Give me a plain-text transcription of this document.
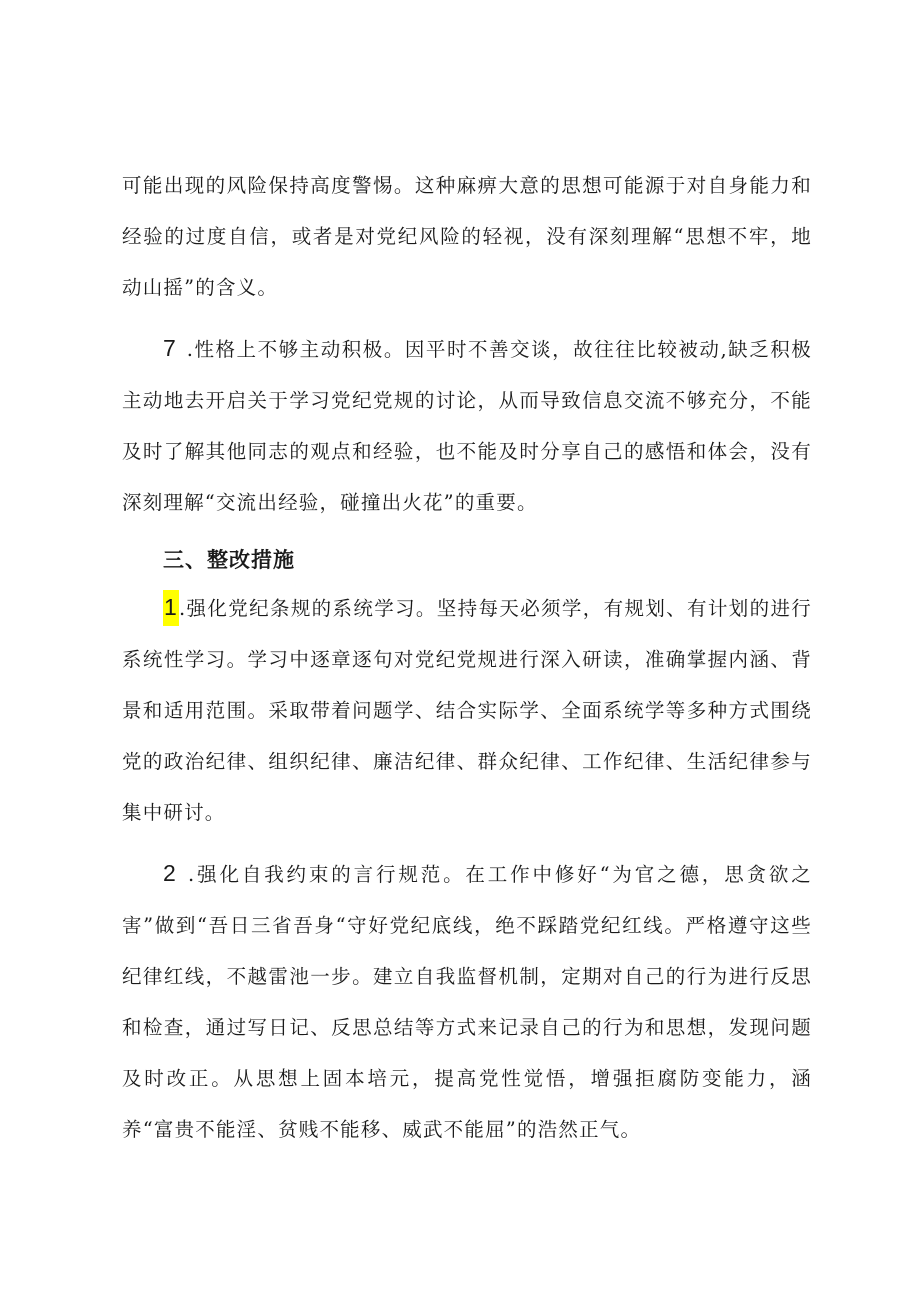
可能出现的风险保持高度警惕。这种麻痹大意的思想可能源于对自身能力和经验的过度自信，或者是对党纪风险的轻视，没有深刻理解“思想不牢，地动山摇”的含义。

7 .性格上不够主动积极。因平时不善交谈，故往往比较被动,缺乏积极主动地去开启关于学习党纪党规的讨论，从而导致信息交流不够充分，不能及时了解其他同志的观点和经验，也不能及时分享自己的感悟和体会，没有深刻理解“交流出经验，碰撞出火花”的重要。

三、整改措施

1.强化党纪条规的系统学习。坚持每天必须学，有规划、有计划的进行系统性学习。学习中逐章逐句对党纪党规进行深入研读，准确掌握内涵、背景和适用范围。采取带着问题学、结合实际学、全面系统学等多种方式围绕党的政治纪律、组织纪律、廉洁纪律、群众纪律、工作纪律、生活纪律参与集中研讨。

2 .强化自我约束的言行规范。在工作中修好“为官之德，思贪欲之害”做到“吾日三省吾身“守好党纪底线，绝不踩踏党纪红线。严格遵守这些纪律红线，不越雷池一步。建立自我监督机制，定期对自己的行为进行反思和检查，通过写日记、反思总结等方式来记录自己的行为和思想，发现问题及时改正。从思想上固本培元，提高党性觉悟，增强拒腐防变能力，涵养“富贵不能淫、贫贱不能移、威武不能屈”的浩然正气。
